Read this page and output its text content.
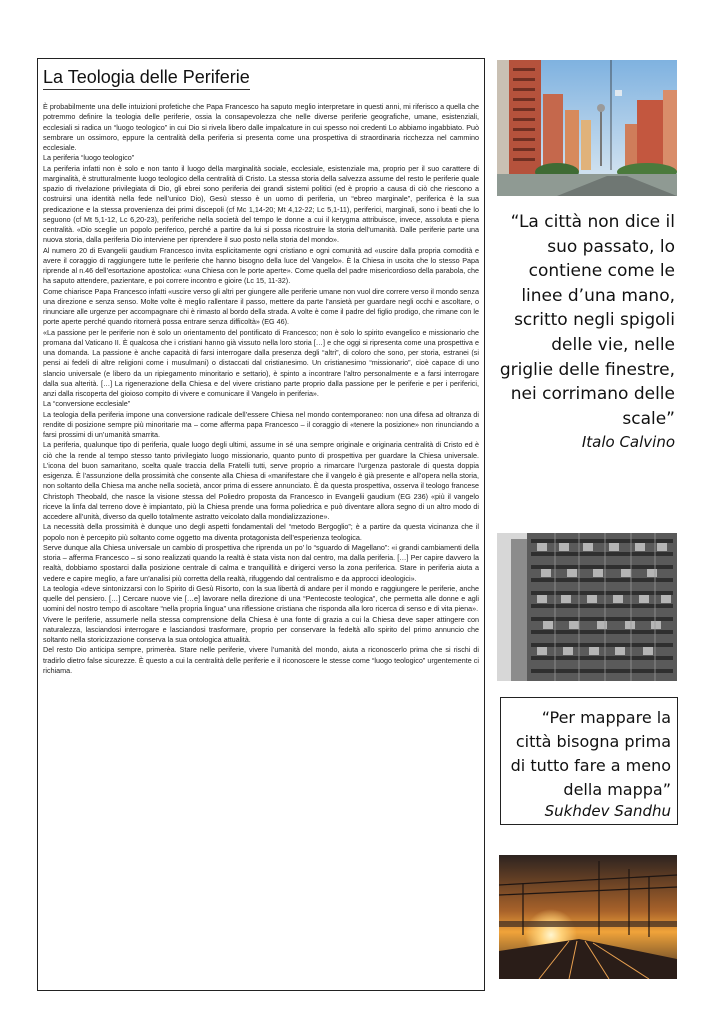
La Teologia delle Periferie

È probabilmente una delle intuizioni profetiche che Papa Francesco ha saputo meglio interpretare in questi anni, mi riferisco a quella che potremmo definire la teologia delle periferie, ossia la consapevolezza che nelle diverse periferie geografiche, umane, esistenziali, ecclesiali si radica un “luogo teologico” in cui Dio si rivela libero dalle impalcature in cui spesso noi credenti Lo abbiamo ingabbiato. Può sembrare un ossimoro, eppure la centralità della periferia si presenta come una prospettiva di straordinaria ricchezza nel cammino ecclesiale.

La periferia “luogo teologico”

La periferia infatti non è solo e non tanto il luogo della marginalità sociale, ecclesiale, esistenziale ma, proprio per il suo carattere di marginalità, è strutturalmente luogo teologico della centralità di Cristo. La stessa storia della salvezza assume del resto le periferie quale spazio di rivelazione privilegiata di Dio, gli ebrei sono periferia dei grandi sistemi politici (ed è proprio a causa di ciò che riescono a costruirsi una identità nella fede nell’unico Dio), Gesù stesso è un uomo di periferia, un “ebreo marginale”, periferica è la sua predicazione e la stessa provenienza dei primi discepoli (cf Mc 1,14-20; Mt 4,12-22; Lc 5,1-11), periferici, marginali, sono i beati che lo seguono (cf Mt 5,1-12, Lc 6,20-23), periferiche nella società del tempo le donne a cui il kerygma attribuisce, invece, assoluta e piena centralità. «Dio sceglie un popolo periferico, perché a partire da lui si possa ricostruire la storia dell’umanità. Dalle periferie parte una nuova storia, dalla periferia Dio interviene per riprendere il suo posto nella storia del mondo».

Al numero 20 di Evangelii gaudium Francesco invita esplicitamente ogni cristiano e ogni comunità ad «uscire dalla propria comodità e avere il coraggio di raggiungere tutte le periferie che hanno bisogno della luce del Vangelo». È la Chiesa in uscita che lo stesso Papa riprende al n.46 dell’esortazione apostolica: «una Chiesa con le porte aperte». Come quella del padre misericordioso della parabola, che ha saputo attendere, pazientare, e poi correre incontro e gioire (Lc 15, 11-32).

Come chiarisce Papa Francesco infatti «uscire verso gli altri per giungere alle periferie umane non vuol dire correre verso il mondo senza una direzione e senza senso. Molte volte è meglio rallentare il passo, mettere da parte l’ansietà per guardare negli occhi e ascoltare, o rinunciare alle urgenze per accompagnare chi è rimasto al bordo della strada. A volte è come il padre del figlio prodigo, che rimane con le porte aperte perché quando ritornerà possa entrare senza difficoltà» (EG 46).

«La passione per le periferie non è solo un orientamento del pontificato di Francesco; non è solo lo spirito evangelico e missionario che promana dal Vaticano II. È qualcosa che i cristiani hanno già vissuto nella loro storia […] e che oggi si ripresenta come una prospettiva e una domanda. La passione è anche capacità di farsi interrogare dalla presenza degli “altri”, di coloro che sono, per storia, estranei (si pensi ai fedeli di altre religioni come i musulmani) o distaccati dal cristianesimo. Un cristianesimo “missionario”, cioè capace di uno slancio universale (e libero da un ripiegamento minoritario e settario), è spinto a incontrare l’altro personalmente e a farsi interrogare dalla sua alterità. […] La rigenerazione della Chiesa e del vivere cristiano parte proprio dalla passione per le periferie e per i periferici, anzi dalla riscoperta del gioioso compito di vivere e comunicare il Vangelo in periferia».

La “conversione ecclesiale”

La teologia della periferia impone una conversione radicale dell’essere Chiesa nel mondo contemporaneo: non una difesa ad oltranza di rendite di posizione sempre più minoritarie ma – come afferma papa Francesco – il coraggio di «tenere la posizione» non rinunciando a farsi prossimi di un’umanità smarrita.

La periferia, qualunque tipo di periferia, quale luogo degli ultimi, assume in sé una sempre originale e originaria centralità di Cristo ed è ciò che la rende al tempo stesso tanto privilegiato luogo missionario, quanto punto di prospettiva per guardare la Chiesa universale. L’icona del buon samaritano, scelta quale traccia della Fratelli tutti, serve proprio a rimarcare l’urgenza pastorale di questa doppia esigenza. È l’assunzione della prossimità che consente alla Chiesa di «manifestare che il vangelo è già presente e all’opera nella storia, non soltanto della Chiesa ma anche nella società, ancor prima di essere annunciato. È da questa prospettiva, osserva il teologo francese Christoph Theobald, che nasce la visione stessa del Poliedro proposta da Francesco in Evangelii gaudium (EG 236) «più il vangelo riceve la linfa dal terreno dove è impiantato, più la Chiesa prende una forma poliedrica e può diventare allora segno di un altro modo di accedere all’unità, diverso da quello totalmente astratto veicolato dalla mondializzazione».

La necessità della prossimità è dunque uno degli aspetti fondamentali del “metodo Bergoglio”; è a partire da questa vicinanza che il popolo non è percepito più soltanto come oggetto ma diventa protagonista dell’esperienza teologica.

Serve dunque alla Chiesa universale un cambio di prospettiva che riprenda un po’ lo “sguardo di Magellano”: «i grandi cambiamenti della storia – afferma Francesco – si sono realizzati quando la realtà è stata vista non dal centro, ma dalla periferia. […] Per capire davvero la realtà, dobbiamo spostarci dalla posizione centrale di calma e tranquillità e dirigerci verso la zona periferica. Stare in periferia aiuta a vedere e capire meglio, a fare un’analisi più corretta della realtà, rifuggendo dal centralismo e da approcci ideologici».

La teologia «deve sintonizzarsi con lo Spirito di Gesù Risorto, con la sua libertà di andare per il mondo e raggiungere le periferie, anche quelle del pensiero. […] Cercare nuove vie […e] lavorare nella direzione di una “Pentecoste teologica”, che permetta alle donne e agli uomini del nostro tempo di ascoltare “nella propria lingua” una riflessione cristiana che risponda alla loro ricerca di senso e di vita piena».

Vivere le periferie, assumerle nella stessa comprensione della Chiesa è una fonte di grazia a cui la Chiesa deve saper attingere con naturalezza, lasciandosi interrogare e lasciandosi trasformare, proprio per conservare la fedeltà allo spirito del primo annuncio che soltanto nella storicizzazione conserva la sua ontologica attualità.

Del resto Dio anticipa sempre, primerèa. Stare nelle periferie, vivere l’umanità del mondo, aiuta a riconoscerlo prima che si rischi di tradirlo dietro false sicurezze. È questo a cui la centralità delle periferie e il riconoscere le stesse come “luogo teologico” urgentemente ci richiama.

“La città non dice il suo passato, lo contiene come le linee d’una mano, scritto negli spigoli delle vie, nelle griglie delle finestre, nei corrimano delle scale”

Italo Calvino

“Per mappare la città bisogna prima di tutto fare a meno della mappa”

Sukhdev Sandhu
